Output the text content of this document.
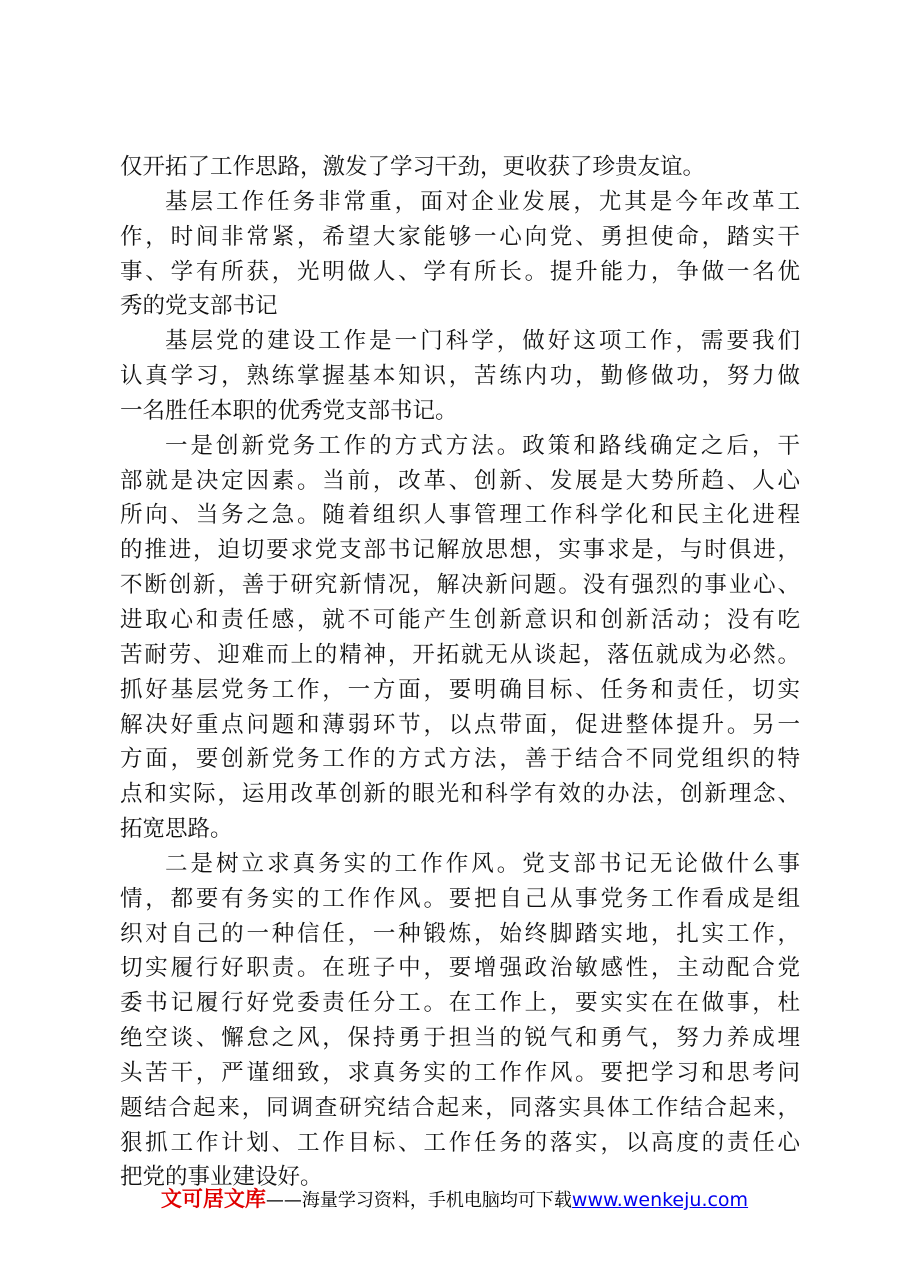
仅开拓了工作思路，激发了学习干劲，更收获了珍贵友谊。
基层工作任务非常重，面对企业发展，尤其是今年改革工
作，时间非常紧，希望大家能够一心向党、勇担使命，踏实干
事、学有所获，光明做人、学有所长。提升能力，争做一名优
秀的党支部书记
基层党的建设工作是一门科学，做好这项工作，需要我们
认真学习，熟练掌握基本知识，苦练内功，勤修做功，努力做
一名胜任本职的优秀党支部书记。
一是创新党务工作的方式方法。政策和路线确定之后，干
部就是决定因素。当前，改革、创新、发展是大势所趋、人心
所向、当务之急。随着组织人事管理工作科学化和民主化进程
的推进，迫切要求党支部书记解放思想，实事求是，与时俱进，
不断创新，善于研究新情况，解决新问题。没有强烈的事业心、
进取心和责任感，就不可能产生创新意识和创新活动；没有吃
苦耐劳、迎难而上的精神，开拓就无从谈起，落伍就成为必然。
抓好基层党务工作，一方面，要明确目标、任务和责任，切实
解决好重点问题和薄弱环节，以点带面，促进整体提升。另一
方面，要创新党务工作的方式方法，善于结合不同党组织的特
点和实际，运用改革创新的眼光和科学有效的办法，创新理念、
拓宽思路。
二是树立求真务实的工作作风。党支部书记无论做什么事
情，都要有务实的工作作风。要把自己从事党务工作看成是组
织对自己的一种信任，一种锻炼，始终脚踏实地，扎实工作，
切实履行好职责。在班子中，要增强政治敏感性，主动配合党
委书记履行好党委责任分工。在工作上，要实实在在做事，杜
绝空谈、懈怠之风，保持勇于担当的锐气和勇气，努力养成埋
头苦干，严谨细致，求真务实的工作作风。要把学习和思考问
题结合起来，同调查研究结合起来，同落实具体工作结合起来，
狠抓工作计划、工作目标、工作任务的落实，以高度的责任心
把党的事业建设好。
文可居文库——海量学习资料，手机电脑均可下载www.wenkeju.com
